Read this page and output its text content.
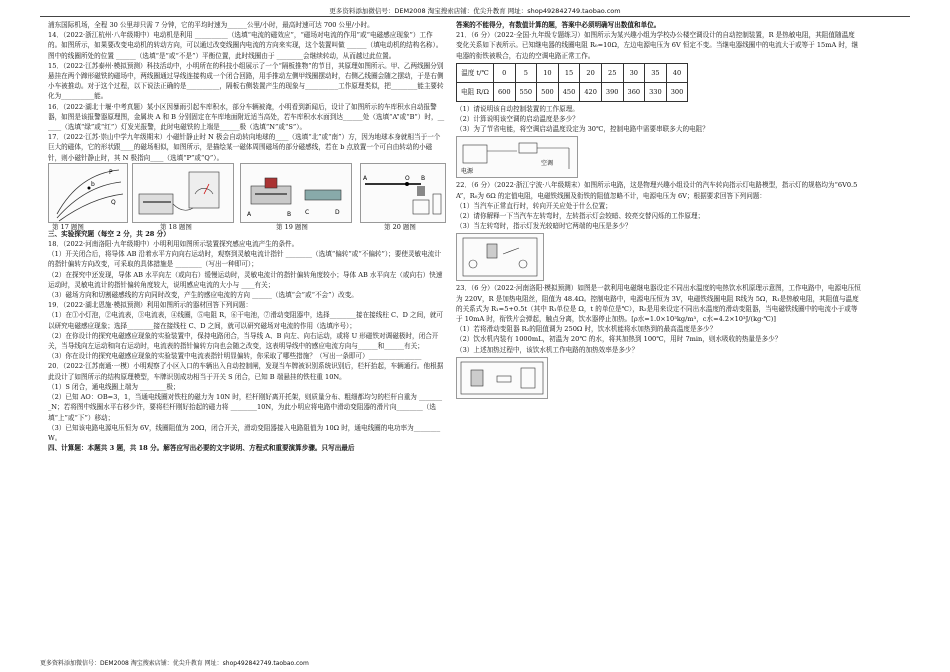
更多资料添加微信号：DEM2008 淘宝搜索店铺：优尖升教育 网址：shop492842749.taobao.com

浦东国际机场，全程 30 公里却只需 7 分钟，它的平均时速为______公里/小时，最高时速可达 700 公里/小时。

14．（2022·浙江杭州·八年级期中）电动机是利用 __________（选填“电流的磁效应”，“磁场对电流的作用”或“电磁感应现象”）工作的。如图所示，如果要改变电动机的转动方向，可以通过改变线圈内电流的方向来实现，这个装置叫做 ______（填电动机的结构名称）。图中的线圈所处的位置 ______（选填“是”或“不是”）平衡位置，此时线圈由于 ________会继续转动，从而越过此位置。

15．（2022·江苏泰州·模拟预测）科技活动中，小明所在的科技小组展示了一个“隔板推物”的节目，其原理如图所示。甲、乙两线圈分别悬挂在两个蹄形磁铁的磁场中，两线圈通过导线连接构成一个闭合回路，用手推动左侧甲线圈摆动时，右侧乙线圈会随之摆动，于是右侧小车被推动。对于这个过程，以下说法正确的是__________，隔板右侧装置产生的现象与__________工作原理类似，把________能主要转化为__________能。

16．（2022·湖北十堰·中考真题）某小区因暴雨引起车库积水，部分车辆被淹，小明看到新闻后，设计了如图所示的车库积水自动报警器，如图是该报警器原理图，金属块 A 和 B 分别固定在车库地面附近适当高处，若车库积水水面到达______处（选填“A”或“B”）时，______（选填“绿”或“红”）灯发光报警，此时电磁铁的上端是______极（选填“N”或“S”）。

17．（2022·江苏·崇山中学九年级期末）小磁针静止时 N 极会自动转向地球的____（选填“北”或“南”）方，因为地球本身就相当于一个巨大的磁体，它的形状跟____的磁场相似，如图所示，是描绘某一磁体周围磁场的部分磁感线，若在 b 点放置一个可自由转动的小磁针，则小磁针静止时，其 N 极指向____（选填“P”或“Q”）。

b
P
Q
A	B C	D
A	O B
第 17 题图	第 18 题图	第 19 题图	第 20 题图

三、实验探究题（每空 2 分，共 28 分）

18．（2022·河南洛阳·九年级期中）小明利用如图所示装置探究感应电流产生的条件。

（1）开关闭合后，将导体 AB 沿着水平方向向右运动时，观察到灵敏电流计指针 ________（选填“偏转”或“不偏转”）；要使灵敏电流计的指针偏转方向改变，可采取的具体措施是 ________（写出一种即可）；

（2）在探究中还发现，导体 AB 水平向左（或向右）缓慢运动时，灵敏电流计的指针偏转角度较小；导体 AB 水平向左（或向右）快速运动时，灵敏电流计的指针偏转角度较大，说明感应电流的大小与 ____有关；

（3）磁场方向和切割磁感线的方向同时改变，产生的感应电流的方向 ______（选填“会”或“不会”）改变。

19．（2022·湖北恩施·模拟预测）利用如图所示的器材回答下列问题：

（1）在①小灯泡，②电流表，③电流表，④线圈，⑤电阻 R，⑥干电池，⑦滑动变阻器中，选择________接在接线柱 C、D 之间，就可以研究电磁感应现象；选择________接在接线柱 C、D 之间，就可以研究磁场对电流的作用（选填序号）；

（2）在你设计的探究电磁感应现象的实验装置中，保持电路闭合，当导线 A、B 向左、向右运动，或将 U 形磁铁对调磁极时，闭合开关，当导线向左运动和向右运动时，电流表的指针偏转方向也会随之改变，这表明导线中的感应电流方向与______和______有关；

（3）你在设计的探究电磁感应现象的实验装置中电流表指针明显偏转，你采取了哪些措施？（写出一条即可）________________

20．（2022·江苏南通·一模）小明观察了小区入口的车辆出入自动控制闸，发现当车牌被识别系统识别后，栏杆抬起，车辆通行。他根据此设计了如图所示的结构原理模型，车牌识别成功相当于开关 S 闭合，已知 B 端悬挂的铁柱重 10N。

（1）S 闭合，通电线圈上端为 ________极；

（2）已知 AO：OB=3，1，当通电线圈对铁柱的磁力为 10N 时，栏杆刚好离开托架，则质量分布、粗细都均匀的栏杆自重为 ________N；若将图中线圈水平右移少许，要将栏杆刚好抬起的磁力将 ________10N，为此小明应将电路中滑动变阻器的滑片向________（选填“上”或“下”）移动；

（3）已知该电路电源电压恒为 6V，线圈阻值为 20Ω，闭合开关，滑动变阻器接入电路阻值为 10Ω 时，通电线圈的电功率为________W。

四、计算题：本题共 3 题，共 18 分。解答应写出必要的文字说明、方程式和重要演算步骤。只写出最后

答案的不能得分，有数值计算的题，答案中必须明确写出数值和单位。

21．（6 分）（2022·全国·九年级专题练习）如图所示为某兴趣小组为学校办公楼空调设计的自动控制装置，R 是热敏电阻，其阻值随温度变化关系如下表所示。已知继电器的线圈电阻 R₀=10Ω，左边电源电压为 6V 恒定不变。当继电器线圈中的电流大于或等于 15mA 时，继电器的衔铁被吸合，右边的空调电路正常工作。

温度 t/℃	0	5	10	15	20	25	30	35	40
电阻 R/Ω	600	550	500	450	420	390	360	330	300

（1）请说明该自动控制装置的工作原理。

（2）计算说明该空调的启动温度是多少？

（3）为了节省电能，将空调启动温度设定为 30℃，控制电路中需要串联多大的电阻？

空调
电源

22．（6 分）（2022·浙江宁波·八年级期末）如图所示电路，这是物理兴趣小组设计的汽车转向指示灯电路模型，指示灯的规格均为“6V0.5A”，R₀为 6Ω 的定值电阻，电磁铁线圈及衔铁的阻值忽略不计，电源电压为 6V；根据要求回答下列问题：

（1）当汽车正常直行时，转向开关应处于什么位置；

（2）请你解释一下当汽车左转弯时，左转指示灯会较暗、较亮交替闪烁的工作原理；

（3）当左转弯时，指示灯发光较暗时它两端的电压是多少？

23．（6 分）（2022·河南洛阳·模拟预测）如图是一款利用电磁继电器设定不同出水温度的电热饮水机原理示意图，工作电路中，电源电压恒为 220V，R 是加热电阻丝，阻值为 48.4Ω。控制电路中，电源电压恒为 3V，电磁铁线圈电阻 R线为 5Ω，R₁是热敏电阻，其阻值与温度的关系式为 R₁=5+0.5t（其中 R₁单位是 Ω，t 的单位是℃），R₂是用来设定不同出水温度的滑动变阻器，当电磁铁线圈中的电流小于或等于 10mA 时，衔铁片会弹起，触点分离，饮水器停止加热。[ρ水=1.0×10³kg/m³，c水=4.2×10³J/(kg·℃)]

（1）若将滑动变阻器 R₂的阻值调为 250Ω 时，饮水机能将水加热到的最高温度是多少？

（2）饮水机内装有 1000mL，初温为 20℃ 的水，将其加热到 100℃，用时 7min，则水吸收的热量是多少？

（3）上述加热过程中，该饮水机工作电路的加热效率是多少？

更多资料添加微信号：DEM2008 淘宝搜索店铺：优尖升教育 网址：shop492842749.taobao.com
